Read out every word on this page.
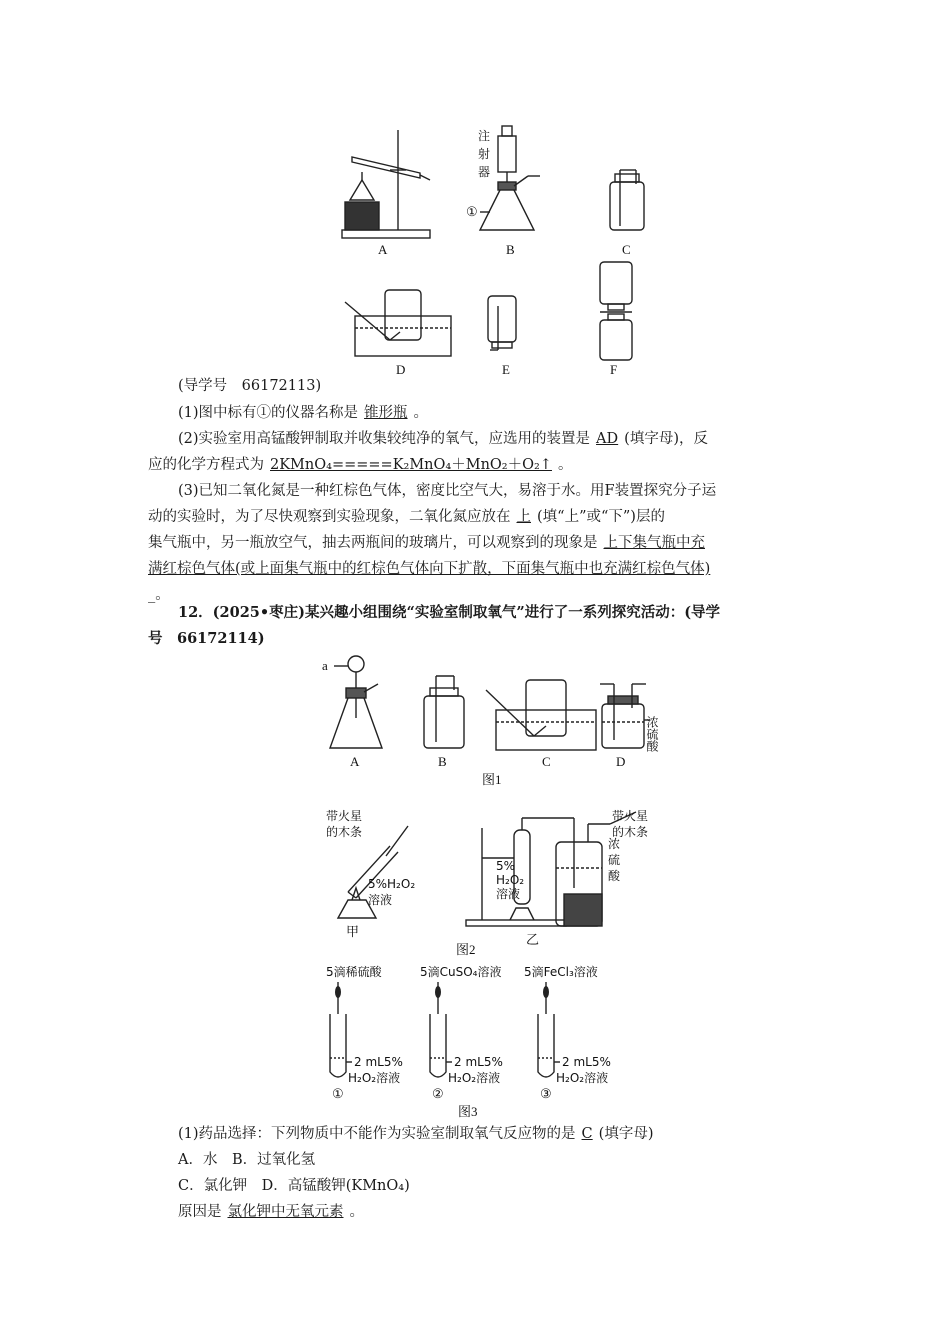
A
注
射
器
①
B	C
D	E	F
(导学号　66172113)
(1)图中标有①的仪器名称是 锥形瓶 。
(2)实验室用高锰酸钾制取并收集较纯净的氧气，应选用的装置是 AD (填字母)，反
应的化学方程式为 2KMnO₄=====K₂MnO₄＋MnO₂＋O₂↑ 。
(3)已知二氧化氮是一种红棕色气体，密度比空气大，易溶于水。用F装置探究分子运
动的实验时，为了尽快观察到实验现象，二氧化氮应放在 上 (填“上”或“下”)层的
集气瓶中，另一瓶放空气，抽去两瓶间的玻璃片，可以观察到的现象是 上下集气瓶中充
满红棕色气体(或上面集气瓶中的红棕色气体向下扩散，下面集气瓶中也充满红棕色气体)
_。
12．(2025•枣庄)某兴趣小组围绕“实验室制取氧气”进行了一系列探究活动：(导学
号　66172114)
a
A	B	C
浓硫酸
D
图1
带火星
的木条
5%H₂O₂
溶液
甲
5%
H₂O₂
溶液
浓
硫
酸
带火星
的木条
乙
图2
5滴稀硫酸
2 mL5%
H₂O₂溶液
①
5滴CuSO₄溶液
2 mL5%
H₂O₂溶液
②
5滴FeCl₃溶液
2 mL5%
H₂O₂溶液
③
图3
(1)药品选择：下列物质中不能作为实验室制取氧气反应物的是 C (填字母)
A．水　B．过氧化氢
C．氯化钾　D．高锰酸钾(KMnO₄)
原因是 氯化钾中无氧元素 。
